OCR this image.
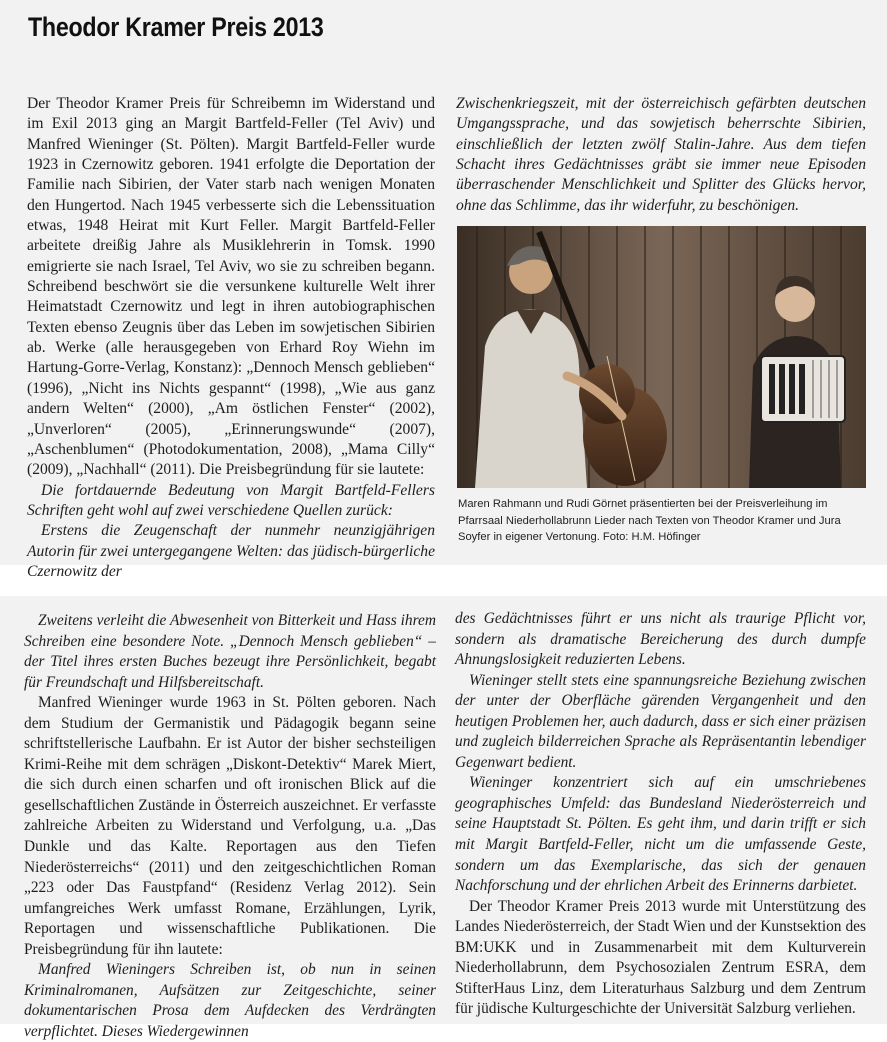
Theodor Kramer Preis 2013

Der Theodor Kramer Preis für Schreibemn im Widerstand und im Exil 2013 ging an Margit Bartfeld-Feller (Tel Aviv) und Manfred Wieninger (St. Pölten). Margit Bartfeld-Feller wurde 1923 in Czernowitz geboren. 1941 erfolgte die Deportation der Familie nach Sibirien, der Vater starb nach wenigen Monaten den Hungertod. Nach 1945 verbesserte sich die Lebenssituation etwas, 1948 Heirat mit Kurt Feller. Margit Bartfeld-Feller arbeitete dreißig Jahre als Musiklehrerin in Tomsk. 1990 emigrierte sie nach Israel, Tel Aviv, wo sie zu schreiben begann. Schreibend beschwört sie die versunkene kulturelle Welt ihrer Heimatstadt Czernowitz und legt in ihren autobiographischen Texten ebenso Zeugnis über das Leben im sowjetischen Sibirien ab. Werke (alle herausgegeben von Erhard Roy Wiehn im Hartung-Gorre-Verlag, Konstanz): „Dennoch Mensch geblieben“ (1996), „Nicht ins Nichts gespannt“ (1998), „Wie aus ganz andern Welten“ (2000), „Am östlichen Fenster“ (2002), „Unverloren“ (2005), „Erinnerungswunde“ (2007), „Aschenblumen“ (Photodokumentation, 2008), „Mama Cilly“ (2009), „Nachhall“ (2011). Die Preisbegründung für sie lautete:

Die fortdauernde Bedeutung von Margit Bartfeld-Fellers Schriften geht wohl auf zwei verschiedene Quellen zurück:

Erstens die Zeugenschaft der nunmehr neunzigjährigen Autorin für zwei untergegangene Welten: das jüdisch-bürgerliche Czernowitz der

Zwischenkriegszeit, mit der österreichisch gefärbten deutschen Umgangssprache, und das sowjetisch beherrschte Sibirien, einschließlich der letzten zwölf Stalin-Jahre. Aus dem tiefen Schacht ihres Gedächtnisses gräbt sie immer neue Episoden überraschender Menschlichkeit und Splitter des Glücks hervor, ohne das Schlimme, das ihr widerfuhr, zu beschönigen.

Maren Rahmann und Rudi Görnet präsentierten bei der Preisverleihung im Pfarrsaal Niederhollabrunn Lieder nach Texten von Theodor Kramer und Jura Soyfer in eigener Vertonung. Foto: H.M. Höfinger

Zweitens verleiht die Abwesenheit von Bitterkeit und Hass ihrem Schreiben eine besondere Note. „Dennoch Mensch geblieben“ – der Titel ihres ersten Buches bezeugt ihre Persönlichkeit, begabt für Freundschaft und Hilfsbereitschaft.

Manfred Wieninger wurde 1963 in St. Pölten geboren. Nach dem Studium der Germanistik und Pädagogik begann seine schriftstellerische Laufbahn. Er ist Autor der bisher sechsteiligen Krimi-Reihe mit dem schrägen „Diskont-Detektiv“ Marek Miert, die sich durch einen scharfen und oft ironischen Blick auf die gesellschaftlichen Zustände in Österreich auszeichnet. Er verfasste zahlreiche Arbeiten zu Widerstand und Verfolgung, u.a. „Das Dunkle und das Kalte. Reportagen aus den Tiefen Niederösterreichs“ (2011) und den zeitgeschichtlichen Roman „223 oder Das Faustpfand“ (Residenz Verlag 2012). Sein umfangreiches Werk umfasst Romane, Erzählungen, Lyrik, Reportagen und wissenschaftliche Publikationen. Die Preisbegründung für ihn lautete:

Manfred Wieningers Schreiben ist, ob nun in seinen Kriminalromanen, Aufsätzen zur Zeitgeschichte, seiner dokumentarischen Prosa dem Aufdecken des Verdrängten verpflichtet. Dieses Wiedergewinnen

des Gedächtnisses führt er uns nicht als traurige Pflicht vor, sondern als dramatische Bereicherung des durch dumpfe Ahnungslosigkeit reduzierten Lebens.

Wieninger stellt stets eine spannungsreiche Beziehung zwischen der unter der Oberfläche gärenden Vergangenheit und den heutigen Problemen her, auch dadurch, dass er sich einer präzisen und zugleich bilderreichen Sprache als Repräsentantin lebendiger Gegenwart bedient.

Wieninger konzentriert sich auf ein umschriebenes geographisches Umfeld: das Bundesland Niederösterreich und seine Hauptstadt St. Pölten. Es geht ihm, und darin trifft er sich mit Margit Bartfeld-Feller, nicht um die umfassende Geste, sondern um das Exemplarische, das sich der genauen Nachforschung und der ehrlichen Arbeit des Erinnerns darbietet.

Der Theodor Kramer Preis 2013 wurde mit Unterstützung des Landes Niederösterreich, der Stadt Wien und der Kunstsektion des BM:UKK und in Zusammenarbeit mit dem Kulturverein Niederhollabrunn, dem Psychosozialen Zentrum ESRA, dem StifterHaus Linz, dem Literaturhaus Salzburg und dem Zentrum für jüdische Kulturgeschichte der Universität Salzburg verliehen.
